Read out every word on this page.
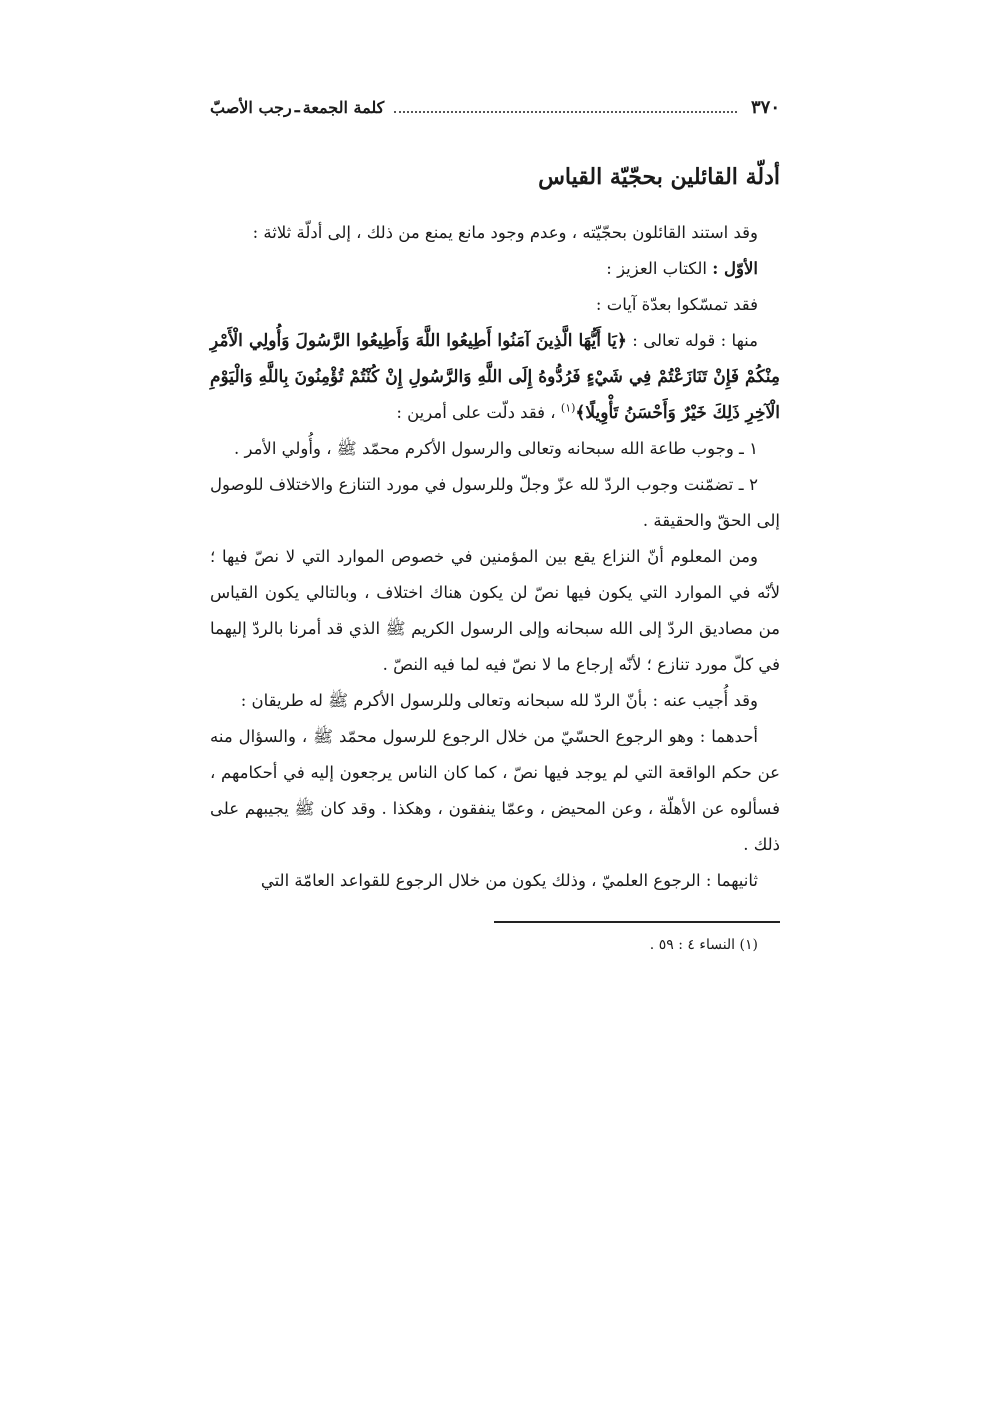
٣٧٠
كلمة الجمعة
ـ
رجب الأصبّ
أدلّة القائلين بحجّيّة القياس

وقد استند القائلون بحجّيّته ، وعدم وجود مانع يمنع من ذلك ، إلى أدلّة ثلاثة :

الأوّل : الكتاب العزيز :

فقد تمسّكوا بعدّة آيات :

منها : قوله تعالى : ﴿يَا أَيُّهَا الَّذِينَ آمَنُوا أَطِيعُوا اللَّهَ وَأَطِيعُوا الرَّسُولَ وَأُولِي الْأَمْرِ مِنْكُمْ فَإِنْ تَنَازَعْتُمْ فِي شَيْءٍ فَرُدُّوهُ إِلَى اللَّهِ وَالرَّسُولِ إِنْ كُنْتُمْ تُؤْمِنُونَ بِاللَّهِ وَالْيَوْمِ الْآخِرِ ذَلِكَ خَيْرٌ وَأَحْسَنُ تَأْوِيلًا﴾$^{(١)}$ ، فقد دلّت على أمرين :

١ ـ وجوب طاعة الله سبحانه وتعالى والرسول الأكرم محمّد ﷺ ، وأُولي الأمر .

٢ ـ تضمّنت وجوب الردّ لله عزّ وجلّ وللرسول في مورد التنازع والاختلاف للوصول إلى الحقّ والحقيقة .

ومن المعلوم أنّ النزاع يقع بين المؤمنين في خصوص الموارد التي لا نصّ فيها ؛ لأنّه في الموارد التي يكون فيها نصّ لن يكون هناك اختلاف ، وبالتالي يكون القياس من مصاديق الردّ إلى الله سبحانه وإلى الرسول الكريم ﷺ الذي قد أمرنا بالردّ إليهما في كلّ مورد تنازع ؛ لأنّه إرجاع ما لا نصّ فيه لما فيه النصّ .

وقد أُجيب عنه : بأنّ الردّ لله سبحانه وتعالى وللرسول الأكرم ﷺ له طريقان :

أحدهما : وهو الرجوع الحسّيّ من خلال الرجوع للرسول محمّد ﷺ ، والسؤال منه عن حكم الواقعة التي لم يوجد فيها نصّ ، كما كان الناس يرجعون إليه في أحكامهم ، فسألوه عن الأهلّة ، وعن المحيض ، وعمّا ينفقون ، وهكذا . وقد كان ﷺ يجيبهم على ذلك .

ثانيهما : الرجوع العلميّ ، وذلك يكون من خلال الرجوع للقواعد العامّة التي

(١) النساء ٤ : ٥٩ .
